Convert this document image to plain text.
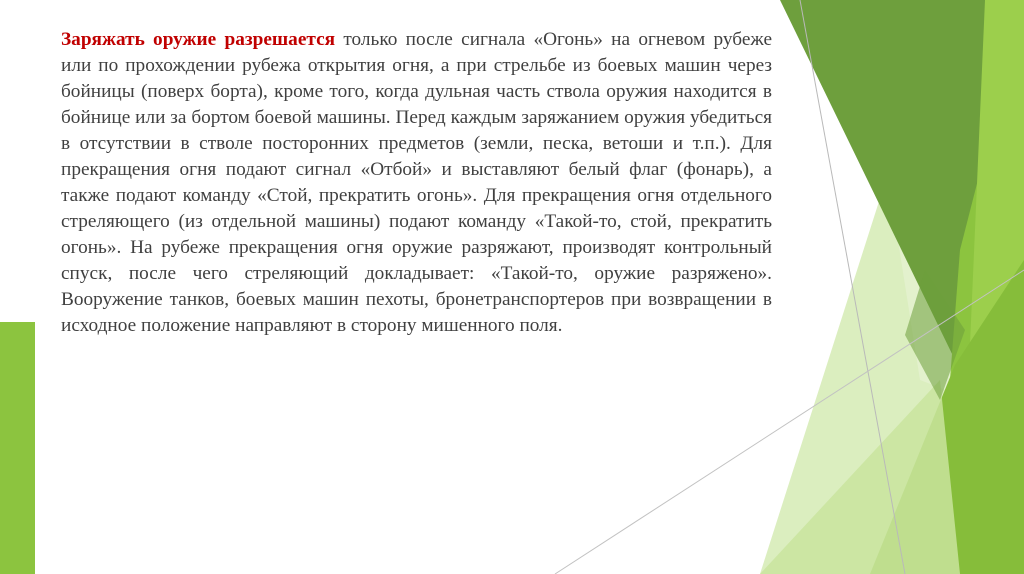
Заряжать оружие разрешается только после сигнала «Огонь» на огневом рубеже или по прохождении рубежа открытия огня, а при стрельбе из боевых машин через бойницы (поверх борта), кроме того, когда дульная часть ствола оружия находится в бойнице или за бортом боевой машины. Перед каждым заряжанием оружия убедиться в отсутствии в стволе посторонних предметов (земли, песка, ветоши и т.п.). Для прекращения огня подают сигнал «Отбой» и выставляют белый флаг (фонарь), а также подают команду «Стой, прекратить огонь». Для прекращения огня отдельного стреляющего (из отдельной машины) подают команду «Такой-то, стой, прекратить огонь». На рубеже прекращения огня оружие разряжают, производят контрольный спуск, после чего стреляющий докладывает: «Такой-то, оружие разряжено». Вооружение танков, боевых машин пехоты, бронетранспортеров при возвращении в исходное положение направляют в сторону мишенного поля.
